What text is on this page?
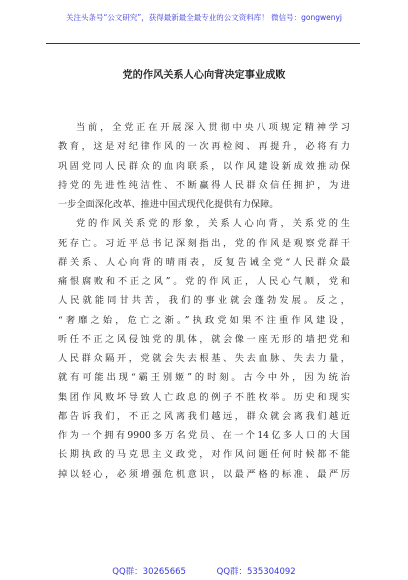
关注头条号“公文研究”，获得最新最全最专业的公文资料库！ 微信号：gongwenyj
党的作风关系人心向背决定事业成败
当前，全党正在开展深入贯彻中央八项规定精神学习
教育，这是对纪律作风的一次再检阅、再提升，必将有力
巩固党同人民群众的血肉联系，以作风建设新成效推动保
持党的先进性纯洁性、不断赢得人民群众信任拥护，为进
一步全面深化改革、推进中国式现代化提供有力保障。
党的作风关系党的形象，关系人心向背，关系党的生
死存亡。习近平总书记深刻指出，党的作风是观察党群干
群关系、人心向背的晴雨表，反复告诫全党“人民群众最
痛恨腐败和不正之风”。党的作风正，人民心气顺，党和
人民就能同甘共苦，我们的事业就会蓬勃发展。反之，
“奢靡之始，危亡之渐。”执政党如果不注重作风建设，
听任不正之风侵蚀党的肌体，就会像一座无形的墙把党和
人民群众隔开，党就会失去根基、失去血脉、失去力量，
就有可能出现“霸王别姬”的时刻。古今中外，因为统治
集团作风败坏导致人亡政息的例子不胜枚举。历史和现实
都告诉我们，不正之风离我们越远，群众就会离我们越近
作为一个拥有9900多万名党员、在一个14亿多人口的大国
长期执政的马克思主义政党，对作风问题任何时候都不能
掉以轻心，必须增强危机意识，以最严格的标准、最严厉
QQ群：30265665	QQ群：535304092
